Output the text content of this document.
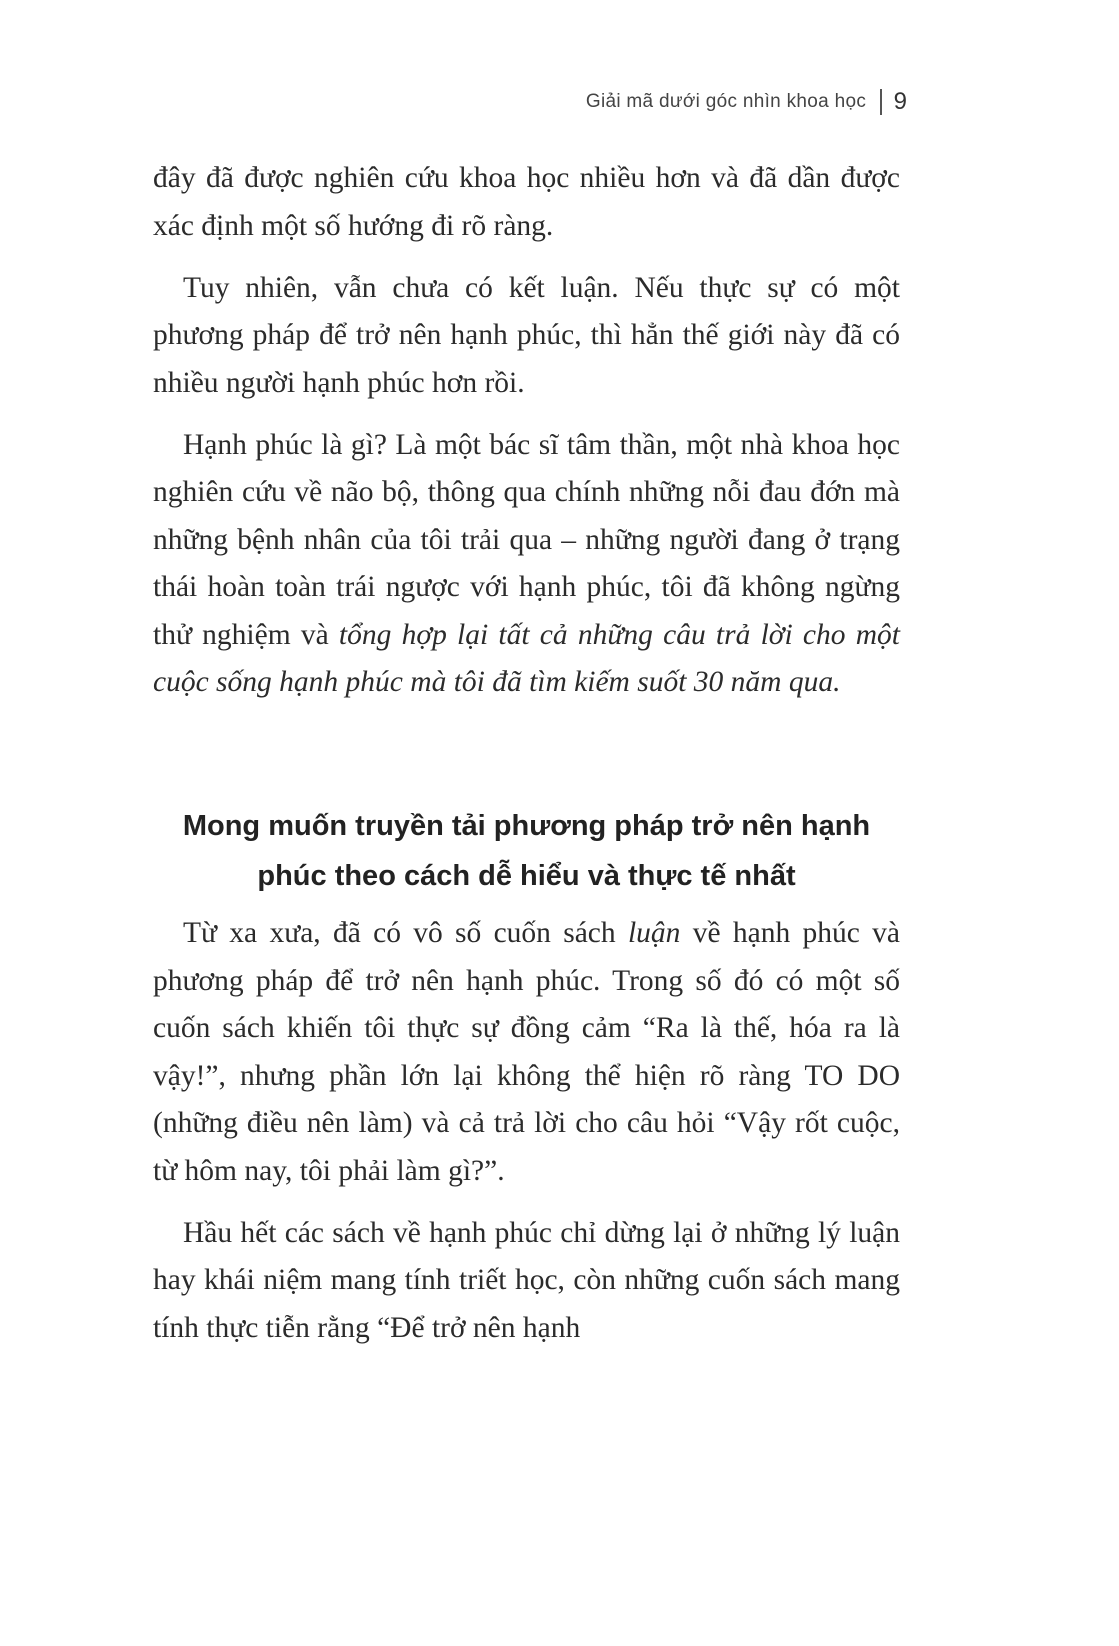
Giải mã dưới góc nhìn khoa học 9

đây đã được nghiên cứu khoa học nhiều hơn và đã dần được xác định một số hướng đi rõ ràng.

Tuy nhiên, vẫn chưa có kết luận. Nếu thực sự có một phương pháp để trở nên hạnh phúc, thì hẳn thế giới này đã có nhiều người hạnh phúc hơn rồi.

Hạnh phúc là gì? Là một bác sĩ tâm thần, một nhà khoa học nghiên cứu về não bộ, thông qua chính những nỗi đau đớn mà những bệnh nhân của tôi trải qua – những người đang ở trạng thái hoàn toàn trái ngược với hạnh phúc, tôi đã không ngừng thử nghiệm và tổng hợp lại tất cả những câu trả lời cho một cuộc sống hạnh phúc mà tôi đã tìm kiếm suốt 30 năm qua.

Mong muốn truyền tải phương pháp trở nên hạnh phúc theo cách dễ hiểu và thực tế nhất

Từ xa xưa, đã có vô số cuốn sách luận về hạnh phúc và phương pháp để trở nên hạnh phúc. Trong số đó có một số cuốn sách khiến tôi thực sự đồng cảm “Ra là thế, hóa ra là vậy!”, nhưng phần lớn lại không thể hiện rõ ràng TO DO (những điều nên làm) và cả trả lời cho câu hỏi “Vậy rốt cuộc, từ hôm nay, tôi phải làm gì?”.

Hầu hết các sách về hạnh phúc chỉ dừng lại ở những lý luận hay khái niệm mang tính triết học, còn những cuốn sách mang tính thực tiễn rằng “Để trở nên hạnh
